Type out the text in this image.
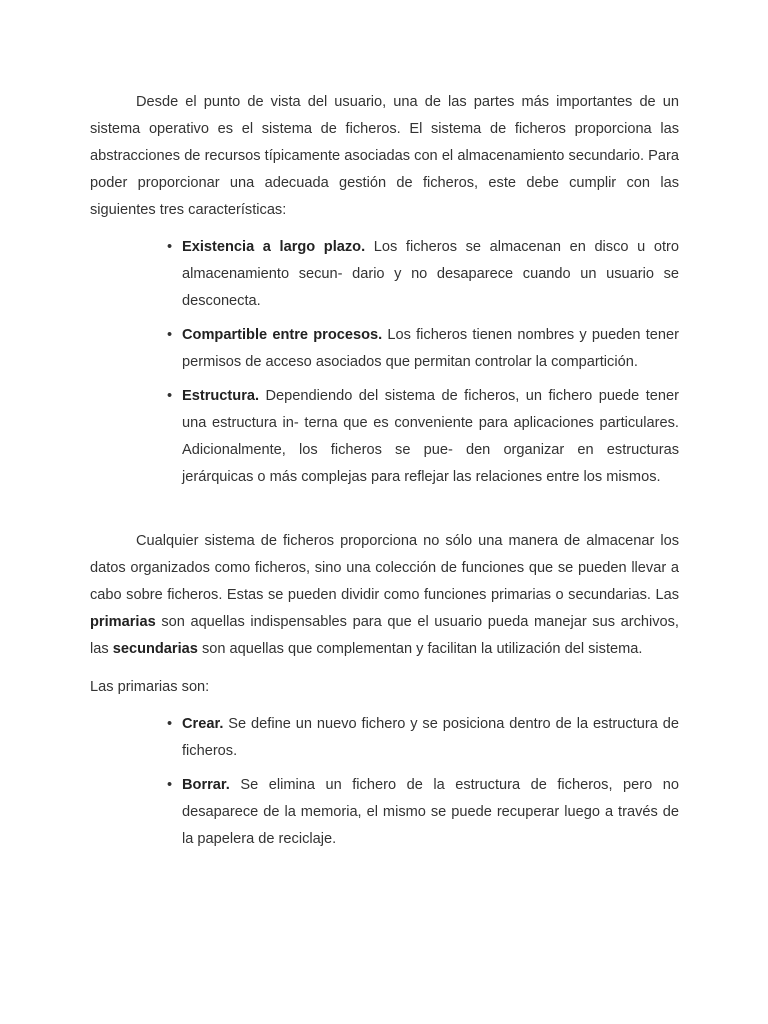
Desde el punto de vista del usuario, una de las partes más importantes de un sistema operativo es el sistema de ficheros. El sistema de ficheros proporciona las abstracciones de recursos típicamente asociadas con el almacenamiento secundario. Para poder proporcionar una adecuada gestión de ficheros, este debe cumplir con las siguientes tres características:

• Existencia a largo plazo. Los ficheros se almacenan en disco u otro almacenamiento secun- dario y no desaparece cuando un usuario se desconecta.
• Compartible entre procesos. Los ficheros tienen nombres y pueden tener permisos de acceso asociados que permitan controlar la compartición.
• Estructura. Dependiendo del sistema de ficheros, un fichero puede tener una estructura in- terna que es conveniente para aplicaciones particulares. Adicionalmente, los ficheros se pue- den organizar en estructuras jerárquicas o más complejas para reflejar las relaciones entre los mismos.

Cualquier sistema de ficheros proporciona no sólo una manera de almacenar los datos organizados como ficheros, sino una colección de funciones que se pueden llevar a cabo sobre ficheros. Estas se pueden dividir como funciones primarias o secundarias. Las primarias son aquellas indispensables para que el usuario pueda manejar sus archivos, las secundarias son aquellas que complementan y facilitan la utilización del sistema.

Las primarias son:

• Crear. Se define un nuevo fichero y se posiciona dentro de la estructura de ficheros.
• Borrar. Se elimina un fichero de la estructura de ficheros, pero no desaparece de la memoria, el mismo se puede recuperar luego a través de la papelera de reciclaje.
